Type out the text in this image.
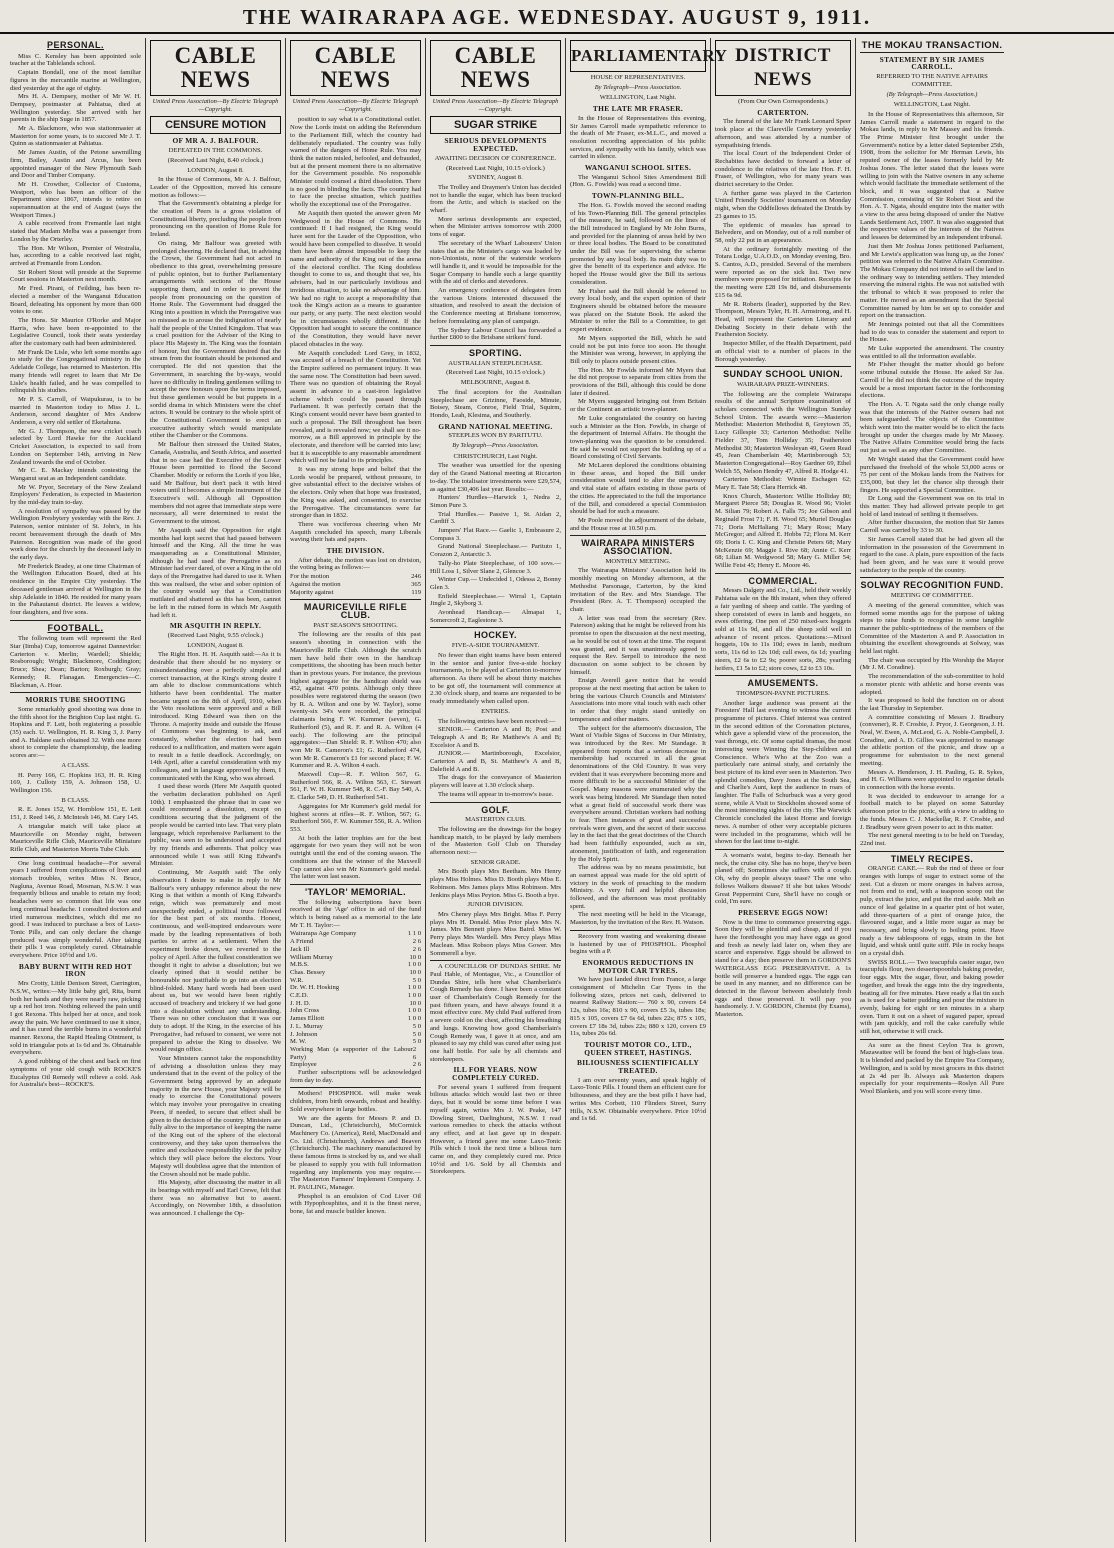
THE WAIRARAPA AGE. WEDNESDAY. AUGUST 9, 1911.
PERSONAL.

Miss C. Kensley has been appointed sole teacher at the Tablelands school.

Captain Bondall, one of the most familiar figures in the mercantile marine at Wellington, died yesterday at the age of eighty.

Mrs H. A. Dempsey, mother of Mr W. H. Dempsey, postmaster at Pahiatua, died at Wellington yesterday. She arrived with her parents in the ship Suge in 1857.

Mr A. Blackmore, who was stationmaster at Masterton for some years, is to succeed Mr J. T. Quinn as stationmaster at Pahiatua.

Mr James Austin, of the Petone sawmilling firm, Bailey, Austin and Arcus, has been appointed manager of the New Plymouth Sash and Door and Timber Company.

Mr H. Crowther, Collector of Customs, Westport, who has been an officer of the Department since 1867, intends to retire on superannuation at the end of August (says the Westport Times.)

A cable received from Fremantle last night stated that Madam Melba was a passenger from London by the Orterley.

The Hon. Mr Wilson, Premier of Westralia, has, according to a cable received last night, arrived at Fremantle from London.

Sir Robert Stout will preside at the Supreme Court sessions in Masterton next month.

Mr Fred. Pirani, of Feilding, has been re-elected a member of the Wanganui Education Board, defeating his opponent by more than 600 votes to one.

The Hons. Sir Maurice O'Rorke and Major Harris, who have been re-appointed to the Legislative Council, took their seats yesterday after the customary oath had been administered.

Mr Frank De Lisle, who left some months ago to study for the Congregational ministry in the Adelaide College, has returned to Masterton. His many friends will regret to learn that Mr De Lisle's health failed, and he was compelled to relinquish his studies.

Mr P. S. Carroll, of Waipukurau, is to be married in Masterton today to Miss J. L. Anderson, second daughter of Mrs Andrew Anderson, a very old settler of Eketahuna.

Mr G. J. Thompson, the new cricket coach selected by Lord Hawke for the Auckland Cricket Association, is expected to sail from London on September 14th, arriving in New Zealand towards the end of October.

Mr C. E. Mackay intends contesting the Wanganui seat as an Independent candidate.

Mr W. Pryor, Secretary of the New Zealand Employers' Federation, is expected in Masterton by the mid-day train to-day.

A resolution of sympathy was passed by the Wellington Presbytery yesterday with the Rev. J. Paterson, senior minister of St. John's, in his recent bereavement through the death of Mrs Paterson. Recognition was made of the good work done for the church by the deceased lady in the early days.

Mr Frederick Bradey, at one time Chairman of the Wellington Education Board, died at his residence in the Empire City yesterday. The deceased gentleman arrived at Wellington in the ship Adelaide in 1840. He resided for many years in the Pahautanui district. He leaves a widow, four daughters, and five sons.

FOOTBALL.

The following team will represent the Red Star (Iimba) Cup, tomorrow against Dannevirke: Carterton v. Merlin; Wardell; Shields; Rosborough; Wright; Blackmore, Coddington; Bruce; Shea; Dean; Barton; Roxburgh; Gray; Kennedy; R. Flanagan. Emergencies—C. Blackman, A. Hoar.

MORRIS TUBE SHOOTING

Some remarkably good shooting was done in the fifth shoot for the Brighton Cup last night. G. Hopkins and F. Lett, both registering a possible (35) each. U. Wellington, H. R. King 3, J. Parry and A. Haldane each obtained 32. With one more shoot to complete the championship, the leading scores are:—

A CLASS.

H. Perry 166, C. Hopkins 163, H. R. King 169, J. Culloty 159, A. Johnson 158, U. Wellington 156.

B CLASS.

R. E. Jones 152, W. Hornblow 151, E. Lett 151, J. Reed 146, J. McIntosh 146, M. Cary 145.

A triangular match will take place at Mauriceville on Monday night, between Mauriceville Rifle Club, Mauriceville Miniature Rifle Club, and Masterton Morris Tube Club.

One long continual headache—For several years I suffered from complications of liver and stomach troubles, writes Miss N. Bruce, Nagluna, Avenue Road, Mosman, N.S.W. I was frequently bilious and unable to retain my food; headaches were so common that life was one long continual headache. I consulted doctors and tried numerous medicines, which did me no good. I was induced to purchase a box of Laxo-Tonic Pills, and can only declare the change produced was simply wonderful. After taking their pills I was completely cured. Obtainable everywhere. Price 10½d and 1/6.

BABY BURNT WITH RED HOT IRON

Mrs Crotty, Little Denison Street, Carrington, N.S.W., writes:—My little baby girl, Rita, burnt both her hands and they were nearly raw, picking up a red hot iron. Nothing relieved the pain until I got Rexona. This helped her at once, and took away the pain. We have continued to use it since, and it has cured the terrible burns in a wonderful manner. Rexona, the Rapid Healing Ointment, is sold in triangular pots at 1s 6d and 3s. Obtainable everywhere.

A good rubbing of the chest and back on first symptoms of your old cough with ROCKE'S Eucalyptus Oil Remedy will relieve a cold. Ask for Australia's best—ROCKE'S.

CABLE NEWS
United Press Association—By Electric Telegraph—Copyright.
CENSURE MOTION
OF MR A. J. BALFOUR.
DEFEATED IN THE COMMONS.
(Received Last Night, 8.40 o'clock.)
LONDON, August 8.

In the House of Commons, Mr A. J. Balfour, Leader of the Opposition, moved his censure motion as follows:—

That the Government's obtaining a pledge for the creation of Peers is a gross violation of Constitutional liberty, precluding the people from pronouncing on the question of Home Rule for Ireland.

On rising, Mr Balfour was greeted with prolonged cheering. He declared that, in advising the Crown, the Government had not acted in obedience to this great, overwhelming pressure of public opinion, but to further Parliamentary arrangements with sections of the House supporting them, and in order to prevent the people from pronouncing on the question of Home Rule. The Government had dragged the King into a position in which the Prerogative was so misused as to arouse the indignation of nearly half the people of the United Kingdom. That was a cruel position for the Adviser of the King to place His Majesty in. The King was the fountain of honour, but the Government desired that the stream from the fountain should be poisoned and corrupted. He did not question that the Government, in searching the by-ways, would have no difficulty in finding gentlemen willing to accept the new honours upon the terms imposed, but these gentlemen would be but puppets in a sordid drama in which Ministers were the chief actors. It would be contrary to the whole spirit of the Constitutional Government to erect an executive authority which would manipulate either the Chamber or the Commons.

Mr Balfour then stressed the United States, Canada, Australia, and South Africa, and asserted that in no case had the Executive of the Lower House been permitted to flood the Second Chamber. Modify or reform the Lords if you like, said Mr Balfour, but don't pack it with hired voters until it becomes a simple instrument of the Executive's will. Although all Opposition members did not agree that immediate steps were necessary, all were determined to resist the Government to the utmost.

Mr Asquith said the Opposition for eight months had kept secret that had passed between himself and the King. All the time he was masquerading as a Constitutional Minister, although he had used the Prerogative as no Minister had ever dared, of over a King in the old days of the Prerogative had dared to use it. When this was realised, the wise and sober opinion of the country would say that a Constitution mutilated and shattered as this has been, cannot be left in the ruined form in which Mr Asquith had left it.

MR ASQUITH IN REPLY.
(Received Last Night, 9.55 o'clock.)
LONDON, August 8.

The Right Hon. H. H. Asquith said:—As it is desirable that there should be no mystery or misunderstanding over a perfectly simple and correct transaction, at the King's strong desire I am able to disclose communications which hitherto have been confidential. The matter became urgent on the 8th of April, 1910, when the Veto resolutions were approved and a Bill introduced. King Edward was then on the Throne. A majority inside and outside the House of Commons was beginning to ask, and constantly, whether the election had been reduced to a nullification, and matters were again to result in a futile deadlock. Accordingly, on 14th April, after a careful consideration with my colleagues, and in language approved by them, I communicated with the King, who was abroad.

I used these words (Here Mr Asquith quoted the verbatim declaration published on April 10th). I emphasized the phrase that in case we could recommend a dissolution, except on conditions securing that the judgment of the people would be carried into law. That very plain language, which reprehensive Parliament to the public, was seen to be understood and accepted by my friends and adherents. That policy was announced while I was still King Edward's Minister.

Continuing, Mr Asquith said: The only observation I desire to make in reply to Mr Balfour's very unhappy reference about the new King is that within a month of King Edward's reign, which was prematurely and most unexpectedly ended, a political truce followed for the best part of six months. Honest, continuous, and well-inspired endeavours were made by the leading representatives of both parties to arrive at a settlement. When the experiment broke down, we reverted to the policy of April. After the fullest consideration we thought it right to advise a dissolution; but we clearly opined that it would neither be honourable nor justifiable to go into an election blind-folded. Many hard words had been used about us, but we would have been rightly accused of treachery and trickery if we had gone into a dissolution without any understanding. There was no other conclusion that it was our duty to adopt. If the King, in the exercise of his Prerogative, had refused to consent, we were not prepared to advise the King to dissolve. We would resign office.

Your Ministers cannot take the responsibility of advising a dissolution unless they may understand that in the event of the policy of the Government being approved by an adequate majority in the new House, your Majesty will be ready to exercise the Constitutional powers which may involve your prerogative in creating Peers, if needed, to secure that effect shall be given to the decision of the country. Ministers are fully alive to the importance of keeping the name of the King out of the sphere of the electoral controversy, and they take upon themselves the entire and exclusive responsibility for the policy which they will place before the electors. Your Majesty will doubtless agree that the intention of the Crown should not be made public.

His Majesty, after discussing the matter in all its bearings with myself and Earl Crewe, felt that there was no alternative but to assent. Accordingly, on November 18th, a dissolution was announced. I challenge the Op-

CABLE NEWS
United Press Association—By Electric Telegraph—Copyright.

position to say what is a Constitutional outlet. Now the Lords insist on adding the Referendum to the Parliament Bill, which the country had deliberately repudiated. The country was fully warned of the dangers of Home Rule. You may think the nation misled, befooled, and defrauded, but at the present moment there is no alternative for the Government possible. No responsible Minister could counsel a third dissolution. There is no good in blinding the facts. The country had to face the precise situation, which justifies wholly the exceptional use of the Prerogative.

Mr Asquith then quoted the answer given Mr Wedgwood in the House of Commons. He continued: If I had resigned, the King would have sent for the Leader of the Opposition, who would have been compelled to dissolve. It would then have been almost impossible to keep the name and authority of the King out of the arena of the electoral conflict. The King doubtless thought to come to us, and thought that we, his advisers, had in our particularly invidious and invidious situation, to take no advantage of him. We had no right to accept a responsibility that took the King's action as a means to guarantee our party, or any party. The next election would be in circumstances wholly different. If the Opposition had sought to secure the continuance of the Constitution, they would have never placed obstacles in the way.

Mr Asquith concluded: Lord Grey, in 1832, was accused of a breach of the Constitution. Yet the Empire suffered no permanent injury. It was the same now. The Constitution had been saved. There was no question of obtaining the Royal assent in advance to a cast-iron legislative scheme which could be passed through Parliament. It was perfectly certain that the King's consent would never have been granted to such a proposal. The Bill throughout has been revealed, and is revealed now; we shall see it no-morrow, as a Bill approved in principle by the electorate, and therefore will be carried into law; but it is susceptible to any reasonable amendment which will not be fatal to its principles.

It was my strong hope and belief that the Lords would be prepared, without pressure, to give substantial effect to the decisive wishes of the electors. Only when that hope was frustrated, the King was asked, and consented, to exercise the Prerogative. The circumstances were far stronger than in 1832.

There was vociferous cheering when Mr Asquith concluded his speech, many Liberals waving their hats and papers.

THE DIVISION.

After debate, the motion was lost on division, the voting being as follows:—

For the motion	246
Against the motion	365
Majority against	119
MAURICEVILLE RIFLE CLUB.
PAST SEASON'S SHOOTING.

The following are the results of this past season's shooting in connection with the Mauriceville Rifle Club. Although the scratch men have held their own in the handicap competitions, the shooting has been much better than in previous years. For instance, the previous highest aggregate for the handicap shield was 452, against 470 points. Although only three possibles were registered during the season (two by R. A. Wilton and one by W. Taylor), some twenty-six 34's were recorded, the principal claimants being F. W. Kummer (seven), G. Rutherford (5), and R. F. and R. A. Wilton (4 each). The following are the principal aggregates:—Dan Shield: R. F. Wilton 470; also won Mr R. Cameron's £1; G. Rutherford 474, won Mr R. Cameron's £1 for second place; F. W. Kummer and R. A. Wilton 4 each.

Maxwell Cup—R. F. Wilton 567, G. Rutherford 566, R. A. Wilton 563, C. Stewart 561, F. W. H. Kummer 548, R. C.-F. Bay 540, A. E. Clarke 549, D. H. Rutherford 541.

Aggregates for Mr Kummer's gold medal for highest scores at rifles—R. F. Wilton, 567; G. Rutherford 566, F. W. Kummer 556, R. A. Wilton 553.

At both the latter trophies are for the best aggregate for two years they will not be won outright until the end of the coming season. The conditions are that the winner of the Maxwell Cup cannot also win Mr Kummer's gold medal. The latter won last season.

'TAYLOR' MEMORIAL.

The following subscriptions have been received at the 'Age' office in aid of the fund which is being raised as a memorial to the late Mr T. H. Taylor:—

Wairarapa Age Company	1 1 0
A Friend	2 6
Jack Ill	2 6
William Murray	10 0
M.B.S.	1 0 0
Chas. Bessey	10 0
W.R.	5 0
Dr. W. H. Hosking	1 0 0
C.E.D.	1 0 0
J. H. D.	10 0
John Cross	1 0 0
James Elliott	1 0 0
J. L. Murray	5 0
J. Johnson	5 0
M. W.	5 0
Working Man (a supporter of the Labour Party)
2 6
Employee	2 6

Further subscriptions will be acknowledged from day to day.

Mothers! PHOSPHOL will make weak children, from birth onwards, robust and healthy. Sold everywhere in large bottles.

We are the agents for Messrs P. and D. Duncan, Ltd., (Christchurch), McCormick Machinery Co. (America), Reid, MacDonald and Co. Ltd. (Christchurch), Andrews and Beaven (Christchurch). The machinery manufactured by these famous firms is stocked by us, and we shall be pleased to supply you with full information regarding any implements you may require.—The Masterton Farmers' Implement Company. J. H. PAULING, Manager.

Phosphol is an emulsion of Cod Liver Oil with Hypophosphites, and it is the finest nerve, bone, fat and muscle builder known.

CABLE NEWS
United Press Association—By Electric Telegraph—Copyright.
SUGAR STRIKE
SERIOUS DEVELOPMENTS EXPECTED.
AWAITING DECISION OF CONFERENCE.
(Received Last Night, 10.15 o'clock.)
SYDNEY, August 8.

The Trolley and Draymen's Union has decided not to handle the sugar, which has been trucked from the Artic, and which is stacked on the wharf.

More serious developments are expected, when the Minister arrives tomorrow with 2000 tons of sugar.

The secretary of the Wharf Labourers' Union states that as the Minister's cargo was loaded by non-Unionists, none of the waterside workers will handle it, and it would be impossible for the Sugar Company to handle such a large quantity with the aid of clerks and stevedores.

An emergency conference of delegates from the various Unions interested discussed the situation, and resolved to await the decision of the Conference meeting at Brisbane tomorrow, before formulating any plan of campaign.

The Sydney Labour Council has forwarded a further £800 to the Brisbane strikers' fund.

SPORTING.
AUSTRALIAN STEEPLECHASE.
(Received Last Night, 10.15 o'clock.)
MELBOURNE, August 8.

The final acceptors for the Australian Steeplechase are Grizinne, Faoside, Minute, Boisey, Steam, Conroe, Field Trial, Squirm, Hondo, Leah, Klesima, and Southerly.

GRAND NATIONAL MEETING.
STEEPLES WON BY PARITUTU.
By Telegraph—Press Association.
CHRISTCHURCH, Last Night.

The weather was unsettled for the opening day of the Grand National meeting at Riccarton to-day. The totalisator investments were £29,574, as against £30,406 last year. Results:—

Hunters' Hurdles—Harwick 1, Nedra 2, Simon Pure 3.

Trial Hurdles.— Passive 1, St. Aidan 2, Cardiff 3.

Jumpers' Flat Race.— Gaelic 1, Embrasure 2, Compass 3.

Grand National Steeplechase.— Parituto 1, Corazon 2, Antarctic 3.

Tally-ho Plate Steeplechase, of 100 sovs.— Hill Loss 1, Silver Slane 2, Glencoe 3.

Winter Cup.— Undecided 1, Odessa 2, Bonny Glen 3.

Enfield Steeplechase.— Wirral 1, Captain Jingle 2, Skyborg 3.

Avonhead Handicap.— Almapai 1, Somercroft 2, Eaglestone 3.

HOCKEY.
FIVE-A-SIDE TOURNAMENT.

No fewer than eight teams have been entered in the senior and junior five-a-side hockey tournaments, to be played at Carterton to-morrow afternoon. As there will be about thirty matches to be got off, the tournament will commence at 2.30 o'clock sharp, and teams are requested to be ready immediately when called upon.

ENTRIES.

The following entries have been received:—

SENIOR.— Carterton A and B; Post and Telegraph A and B; Re Matthew's A and B; Excelsior A and B.

JUNIOR.— Martinborough, Excelsior, Carterton A and B, St. Matthew's A and B, Dalefield A and B.

The drags for the conveyance of Masterton players will leave at 1.30 o'clock sharp.

The teams will appear in to-morrow's issue.

GOLF.
MASTERTON CLUB.

The following are the drawings for the bogey handicap match, to be played by lady members of the Masterton Golf Club on Thursday afternoon next:—

SENIOR GRADE.

Mrs Booth plays Mrs Beetham. Mrs Henry plays Miss Holmes. Miss D. Booth plays Miss E. Robinson. Mrs James plays Miss Robinson. Mrs Jenkins plays Miss Peyton. Miss G. Booth a bye.

JUNIOR DIVISION.

Mrs Cheney plays Mrs Bright. Miss F. Perry plays Mrs H. Donald. Miss Prior plays Mrs N. James. Mrs Bennett plays Miss Baird. Miss W. Perry plays Mrs Wardell. Mrs Percy plays Miss Maclean. Miss Robson plays Miss Gower. Mrs Sommerell a bye.

A COUNCILLOR OF DUNDAS SHIRE. Mr Paul Hable, of Montague, Vic., a Councillor of Dundas Shire, tells here what Chamberlain's Cough Remedy has done. I have been a constant user of Chamberlain's Cough Remedy for the past fifteen years, and have always found it a most effective cure. My child Paul suffered from a severe cold on the chest, affecting his breathing and lungs. Knowing how good Chamberlain's Cough Remedy was, I gave it at once, and am pleased to say my child was cured after using just one half bottle. For sale by all chemists and storekeepers.

ILL FOR YEARS. NOW COMPLETELY CURED.

For several years I suffered from frequent bilious attacks which would last two or three days, but it would be some time before I was myself again, writes Mrs J. W. Peake, 147 Dowling Street, Darlinghurst, N.S.W. I read various remedies to check the attacks without any effect, and at last gave up in despair. However, a friend gave me some Laxo-Tonic Pills which I took the next time a bilious turn came on, and they completely cured me. Price 10½d and 1/6. Sold by all Chemists and Storekeepers.

PARLIAMENTARY
HOUSE OF REPRESENTATIVES.
By Telegraph—Press Association.
WELLINGTON, Last Night.
THE LATE MR FRASER.

In the House of Representatives this evening, Sir James Carroll made sympathetic reference to the death of Mr Fraser, ex-M.L.C., and moved a resolution recording appreciation of his public services, and sympathy with his family, which was carried in silence.

WANGANUI SCHOOL SITES.

The Wanganui School Sites Amendment Bill (Hon. G. Fowlds) was read a second time.

TOWN-PLANNING BILL.

The Hon. G. Fowlds moved the second reading of his Town-Planning Bill. The general principles of the measure, he said, followed on the lines of the Bill introduced in England by Mr John Burns, and provided for the planning of areas held by two or three local bodies. The Board to be constituted under the Bill was for supervising the scheme promoted by any local body. Its main duty was to give the benefit of its experience and advice. He hoped the House would give the Bill its serious consideration.

Mr Fisher said the Bill should be referred to every local body, and the expert opinion of their Engineers should be obtained before the measure was placed on the Statute Book. He asked the Minister to refer the Bill to a Committee, to get expert evidence.

Mr Myers supported the Bill, which he said could not be put into force too soon. He thought the Minister was wrong, however, in applying the Bill only to places outside present cities.

The Hon. Mr Fowlds informed Mr Myers that he did not propose to separate from cities from the provisions of the Bill, although this could be done later if desired.

Mr Myers suggested bringing out from Britain or the Continent an artistic town-planner.

Mr Luke congratulated the country on having such a Minister as the Hon. Fowlds, in charge of the department of Internal Affairs. He thought the town-planning was the question to be considered. He said he would not support the building up of a Board consisting of Civil Servants.

Mr McLaren deplored the conditions obtaining in these areas, and hoped the Bill under consideration would tend to alter the unsavoury and vital state of affairs existing in those parts of the cities. He appreciated to the full the importance of the Bill, and considered a special Commission should be had for such a measure.

Mr Poole moved the adjournment of the debate, and the House rose at 10.50 p.m.

WAIRARAPA MINISTERS ASSOCIATION.
MONTHLY MEETING.

The Wairarapa Ministers' Association held its monthly meeting on Monday afternoon, at the Methodist Parsonage, Carterton, by the kind invitation of the Rev. and Mrs Standage. The President (Rev. A. T. Thompson) occupied the chair.

A letter was read from the secretary (Rev. Paterson) asking that he might be relieved from his promise to open the discussion at the next meeting, as he would be out of town at the time. The request was granted, and it was unanimously agreed to request the Rev. Serpell to introduce the next discussion on some subject to be chosen by himself.

Ensign Averell gave notice that he would propose at the next meeting that action be taken to bring the various Church Councils and Ministers' Associations into more vital touch with each other in order that they might stand unitedly on temperance and other matters.

The subject for the afternoon's discussion, The Want of Visible Signs of Success in Our Ministry, was introduced by the Rev. Mr Standage. It appeared from reports that a serious decrease in membership had occurred in all the great denominations of the Old Country. It was very evident that it was everywhere becoming more and more difficult to be a successful Minister of the Gospel. Many reasons were enumerated why the work was being hindered. Mr Standage then noted what a great field of successful work there was everywhere around. Christian workers had nothing to fear. Then instances of great and successful revivals were given, and the secret of their success lay in the fact that the great doctrines of the Church had been faithfully expounded, such as sin, atonement, justification of faith, and regeneration by the Holy Spirit.

The address was by no means pessimistic, but an earnest appeal was made for the old spirit of victory in the work of preaching to the modern Ministry. A very full and helpful discussion followed, and the afternoon was most profitably spent.

The next meeting will be held in the Vicarage, Masterton, by the invitation of the Rev. H. Watson.

Recovery from wasting and weakening disease is hastened by use of PHOSPHOL. Phosphol begins with a P.

ENORMOUS REDUCTIONS IN MOTOR CAR TYRES.

We have just landed direct from France, a large consignment of Michelin Car Tyres in the following sizes, prices net cash, delivered to nearest Railway Station:— 760 x 90, covers £4 12s, tubes 16s; 810 x 90, covers £5 3s, tubes 18s; 815 x 105, covers £7 6s 6d, tubes 22s; 875 x 105, covers £7 18s 3d, tubes 22s; 880 x 120, covers £9 11s, tubes 26s 6d.

TOURIST MOTOR CO., LTD., QUEEN STREET, HASTINGS.
BILIOUSNESS SCIENTIFICALLY TREATED.

I am over seventy years, and speak highly of Laxo-Tonic Pills. I found them an efficient cure for biliousness, and they are the best pills I have had, writes Mrs Corbett, 110 Flinders Street, Surry Hills, N.S.W. Obtainable everywhere. Price 10½d and 1s 6d.

DISTRICT NEWS
(From Our Own Correspondents.)
CARTERTON.

The funeral of the late Mr Frank Leonard Speer took place at the Clareville Cemetery yesterday afternoon, and was attended by a number of sympathising friends.

The local Court of the Independent Order of Rechabites have decided to forward a letter of condolence to the relatives of the late Hon. F. H. Fraser, of Wellington, who for many years was district secretary to the Order.

A further game was played in the Carterton United Friendly Societies' tournament on Monday night, when the Oddfellows defeated the Druids by 23 games to 15.

The epidemic of measles has spread to Belvedere, and on Monday, out of a roll number of 58, only 22 put in an appearance.

At the ordinary fortnightly meeting of the Totara Lodge, U.A.O.D., on Monday evening, Bro. S. Cantos, A.D., presided. Several of the members were reported as on the sick list. Two new members were proposed for initiation. Receipts for the meeting were £28 19s 8d, and disbursements £15 6s 9d.

Mr R. Roberts (leader), supported by the Rev. Thompson, Messrs Tyler, H. H. Armstrong, and H. Head, will represent the Carterton Literary and Debating Society in their debate with the Featherston Society.

Inspector Miller, of the Health Department, paid an official visit to a number of places in the Borough yesterday.

SUNDAY SCHOOL UNION.
WAIRARAPA PRIZE-WINNERS.

The following are the complete Wairarapa results of the annual Scripture examination of scholars connected with the Wellington Sunday School Union. The awards were:—Masterton Methodist: Masterton Methodist 8, Greytown 35, Lucy Gillespie 33; Carterton Methodist: Nellie Fielder 37, Tom Holliday 35; Featherston Methodist 30; Masterton Wesleyan 49, Gwen Read 45, Jean Chamberlain 40; Martinborough 53; Masterton Congregational—Roy Gardner 69, Ethel Welch 55, Nelson Hendry 47, Alfred R. Hodge 41.

Carterton Methodist: Winnie Eschagen 62; Mary E. Tate 58; Clara Herrick 48.

Knox Church, Masterton: Willie Holliday 80; Margaret Pierce 58; Douglas R. Wood 96; Violet M. Silian 79; Robert A. Falls 75; Joe Gibson and Reginald Frost 71; F. H. Wood 65; Muriel Douglas 71; Doris McHaliang 71; Mary Ross; Mary McGregor; and Alfred E. Hobbs 72; Flora M. Kerr 69; Doris I. C. King and Christie Peters 68; Mary McKenzie 69; Maggie I. Rive 68; Annie C. Kerr 68; Lilian M. Wedgwood 58; Mary G. Miller 54; Willie Feist 45; Henry E. Moore 46.

COMMERCIAL.

Messrs Dalgety and Co., Ltd., held their weekly Pahiatua sale on the 8th instant, when they offered a fair yarding of sheep and cattle. The yarding of sheep consisted of ewes in lamb and hoggets, no ewes offering. One pen of 250 mixed-sex hoggets sold at 11s 9d, and all the sheep sold well in advance of recent prices. Quotations:—Mixed hoggets, 10s to 11s 10d; ewes in lamb, medium sorts, 11s 6d to 12s 10d; cull ewes, 6s 1d; yearling steers, £2 6s to £2 9s; poorer sorts, 28s; yearling heifers, £1 5s to £2; store cows, £2 to £3 10s.

AMUSEMENTS.
THOMPSON-PAYNE PICTURES.

Another large audience was present at the Foresters' Hall last evening to witness the current programme of pictures. Chief interest was centred in the second edition of the Coronation pictures, which gave a splendid view of the procession, the vast throngs, etc. Of some capital dramas, the most interesting were Winning the Step-children and Conscience. Who's Who at the Zoo was a particularly rare animal study, and certainly the best picture of its kind ever seen in Masterton. Two splendid comedies, Davy Jones at the South Sea, and Charlie's Aunt, kept the audience in roars of laughter. The Falls of Schurbuck was a very good scene, while A Visit to Stockholm showed some of the most interesting sights of the city. The Warwick Chronicle concluded the latest Home and foreign news. A number of other very acceptable pictures were included in the programme, which will be shown for the last time to-night.

A woman's waist, begins to-day. Beneath her neck, the cruise city. She has no hope, they've been planed off; Sometimes she suffers with a cough. Oh, why do people always tease? The one who follows Walkers disease? If she but takes Woods' Great Peppermint Cure, She'll have no cough or cold, I'm sure.

PRESERVE EGGS NOW!

Now is the time to commence preserving eggs. Soon they will be plentiful and cheap, and if you have the forethought you may have eggs as good and fresh as newly laid later on, when they are scarce and expensive. Eggs should be allowed to stand for a day; then preserve them in GORDON'S WATERGLASS EGG PRESERVATIVE. A 1s bottle will preserve a hundred eggs. The eggs can be used in any manner, and no difference can be detected in the flavour between absolutely fresh eggs and those preserved. It will pay you handsomely. J. V. GORDON, Chemist (by Exams), Masterton.

THE MOKAU TRANSACTION.
STATEMENT BY SIR JAMES CARROLL.
REFERRED TO THE NATIVE AFFAIRS COMMITTEE.
(By Telegraph—Press Association.)
WELLINGTON, Last Night.

In the House of Representatives this afternoon, Sir James Carroll made a statement in regard to the Mokau lands, in reply to Mr Massey and his friends. The Prime Minister first brought under the Government's notice by a letter dated September 25th, 1908, from the solicitor for Mr Herman Lewis, his reputed owner of the leases formerly held by Mr Joshua Jones. The letter stated that the leases were willing to join with the Native owners in any scheme which would facilitate the immediate settlement of the block, and it was suggested that a Native Commission, consisting of Sir Robert Stout and the Hon. A. T. Ngata, should enquire into the matter with a view to the area being disposed of under the Native Lands Settlement Act, 1907. It was also suggested that the respective values of the interests of the Natives and lessees be determined by an independent tribunal.

Just then Mr Joshua Jones petitioned Parliament, and Mr Lewis's application was hung up, as the Jones' petition was referred to the Native Affairs Committee. The Mokau Company did not intend to sell the land in the ordinary way to intending settlers. They intended reserving the mineral rights. He was not satisfied with the tribunal to which it was proposed to refer the matter. He moved as an amendment that the Special Committee named by him be set up to consider and report on the transaction.

Mr Jennings pointed out that all the Committees had to do was to consider the statement and report to the House.

Mr Luke supported the amendment. The country was entitled to all the information available.

Mr Fisher thought the matter should go before some tribunal outside the House. He asked Sir Jas. Carroll if he did not think the outcome of the inquiry would be a most important factor in the forthcoming elections.

The Hon. A. T. Ngata said the only change really was that the interests of the Native owners had not been safeguarded. The objects of the Committee which went into the matter would be to elicit the facts brought up under the charges made by Mr Massey. The Native Affairs Committee would bring the facts out just as well as any other Committee.

Mr Wright stated that the Government could have purchased the freehold of the whole 53,000 acres or 75 per cent of the Mokau lands from the Natives for £35,000, but they let the chance slip through their fingers. He supported a Special Committee.

Dr Long said the Government was on its trial in this matter. They had allowed private people to get hold of land instead of settling it themselves.

After further discussion, the motion that Sir James Carroll was carried by 33 to 30.

Sir James Carroll stated that he had given all the information in the possession of the Government in regard to the case. A plain, pure exposition of the facts had been given, and he was sure it would prove satisfactory to the people of the country.

SOLWAY RECOGNITION FUND.
MEETING OF COMMITTEE.

A meeting of the general committee, which was formed some months ago for the purpose of taking steps to raise funds to recognise in some tangible manner the public-spiritedness of the members of the Committee of the Masterton A and P. Association in obtaining the excellent showgrounds at Solway, was held last night.

The chair was occupied by His Worship the Mayor (Mr J. M. Coradine).

The recommendation of the sub-committee to hold a monster picnic with athletic and horse events was adopted.

It was proposed to hold the function on or about the last Thursday in September.

A committee consisting of Messrs J. Bradbury (convener), R. F. Crosbie, J. Pryor, J. Georgeson, J. H. Neal, W. Ewen, A. McLeod, G. A. Noble-Campbell, J. Coradine, and A. D. Gillies was appointed to manage the athletic portion of the picnic, and draw up a programme for submission to the next general meeting.

Messrs A. Henderson, J. H. Pauling, G. R. Sykes, and H. G. Williams were appointed to organise details in connection with the horse events.

It was decided to endeavour to arrange for a football match to be played on some Saturday afternoon prior to the picnic, with a view to adding to the funds. Messrs C. J. Mackellar, R. F. Crosbie, and J. Bradbury were given power to act in this matter.

The next general meeting is to be held on Tuesday, 22nd inst.

TIMELY RECIPES.

ORANGE CAKE.— Rub the rind of three or four oranges with lumps of sugar to extract some of the zest. Cut a dozen or more oranges in halves across, not from end to end, with a teaspoon scoop out the pulp, extract the juice, and put the rind aside. Melt an ounce of leaf gelatine in a quarter pint of hot water, add three-quarters of a pint of orange juice, the flavoured sugar, and a little more sugar as may be necessary, and bring slowly to boiling point. Have ready a few tablespoons of eggs, strain in the hot liquid, and whisk until quite stiff. Pile in rocky heaps on a crystal dish.

SWISS ROLL.— Two teacupfuls caster sugar, two teacupfuls flour, two dessertspoonfuls baking powder, four eggs. Mix the sugar, flour, and baking powder together, and break the eggs into the dry ingredients, beating all for five minutes. Have ready a flat tin such as is used for a batter pudding and pour the mixture in evenly, baking for eight or ten minutes in a sharp oven. Turn it out on a sheet of sugared paper, spread with jam quickly, and roll the cake carefully while still hot, otherwise it will crack.

As sure as the finest Ceylon Tea is grown, Mazawattee will be found the best of high-class teas. It is blended and packed by the Empire Tea Company, Wellington, and is sold by most grocers in this district at 2s 4d per lb. Always ask Masterton drapers especially for your requirements—Roslyn All Pure Wool Blankets, and you will score every time.
